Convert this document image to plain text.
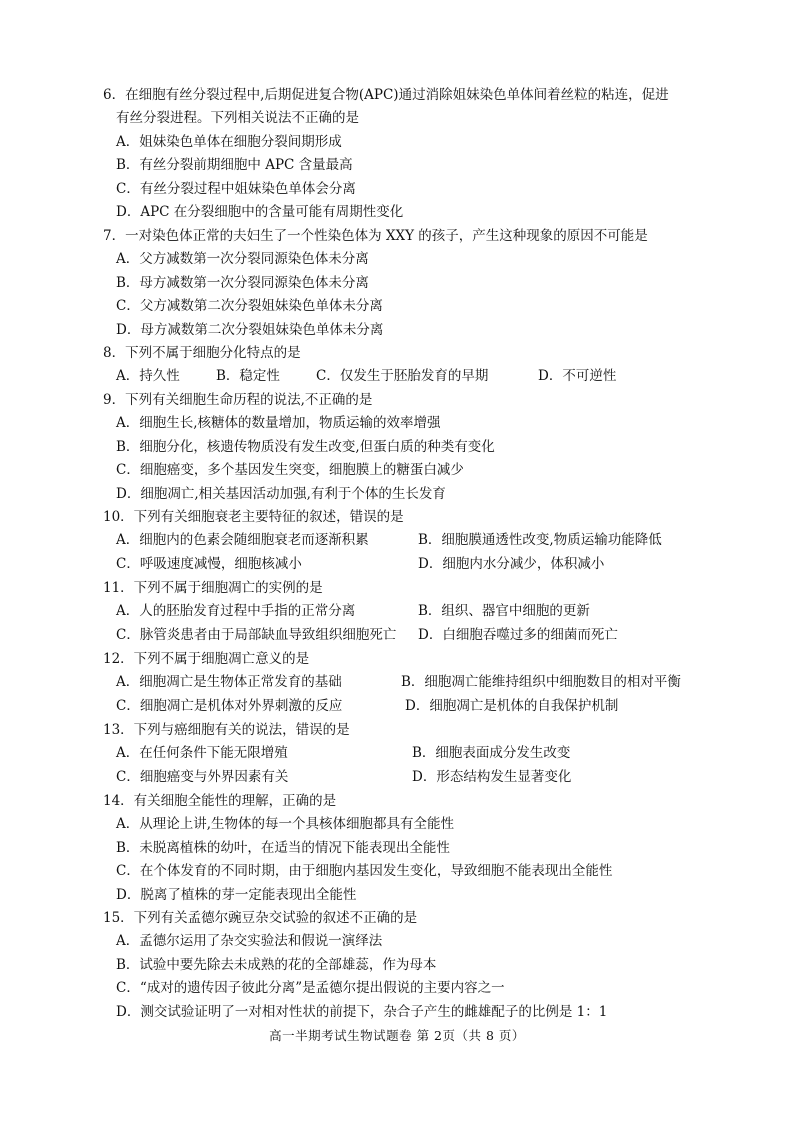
6．在细胞有丝分裂过程中,后期促进复合物(APC)通过消除姐妹染色单体间着丝粒的粘连，促进
有丝分裂进程。下列相关说法不正确的是
A．姐妹染色单体在细胞分裂间期形成
B．有丝分裂前期细胞中 APC 含量最高
C．有丝分裂过程中姐妹染色单体会分离
D．APC 在分裂细胞中的含量可能有周期性变化
7．一对染色体正常的夫妇生了一个性染色体为 XXY 的孩子，产生这种现象的原因不可能是
A．父方减数第一次分裂同源染色体未分离
B．母方减数第一次分裂同源染色体未分离
C．父方减数第二次分裂姐妹染色单体未分离
D．母方减数第二次分裂姐妹染色单体未分离
8．下列不属于细胞分化特点的是
A．持久性	B．稳定性	C．仅发生于胚胎发育的早期	D．不可逆性
9．下列有关细胞生命历程的说法,不正确的是
A．细胞生长,核糖体的数量增加，物质运输的效率增强
B．细胞分化，核遗传物质没有发生改变,但蛋白质的种类有变化
C．细胞癌变，多个基因发生突变，细胞膜上的糖蛋白减少
D．细胞凋亡,相关基因活动加强,有利于个体的生长发育
10．下列有关细胞衰老主要特征的叙述，错误的是
A．细胞内的色素会随细胞衰老而逐渐积累	B．细胞膜通透性改变,物质运输功能降低
C．呼吸速度减慢，细胞核减小	D．细胞内水分减少，体积减小
11．下列不属于细胞凋亡的实例的是
A．人的胚胎发育过程中手指的正常分离	B．组织、器官中细胞的更新
C．脉管炎患者由于局部缺血导致组织细胞死亡 D．白细胞吞噬过多的细菌而死亡
12．下列不属于细胞凋亡意义的是
A．细胞凋亡是生物体正常发育的基础	B．细胞凋亡能维持组织中细胞数目的相对平衡
C．细胞凋亡是机体对外界刺激的反应	D．细胞凋亡是机体的自我保护机制
13．下列与癌细胞有关的说法，错误的是
A．在任何条件下能无限增殖	B．细胞表面成分发生改变
C．细胞癌变与外界因素有关	D．形态结构发生显著变化
14．有关细胞全能性的理解，正确的是
A．从理论上讲,生物体的每一个具核体细胞都具有全能性
B．未脱离植株的幼叶，在适当的情况下能表现出全能性
C．在个体发育的不同时期，由于细胞内基因发生变化，导致细胞不能表现出全能性
D．脱离了植株的芽一定能表现出全能性
15．下列有关孟德尔豌豆杂交试验的叙述不正确的是
A．孟德尔运用了杂交实验法和假说一演绎法
B．试验中要先除去未成熟的花的全部雄蕊，作为母本
C．“成对的遗传因子彼此分离”是孟德尔提出假说的主要内容之一
D．测交试验证明了一对相对性状的前提下，杂合子产生的雌雄配子的比例是 1：1
高一半期考试生物试题卷 第 2页（共 8 页）
